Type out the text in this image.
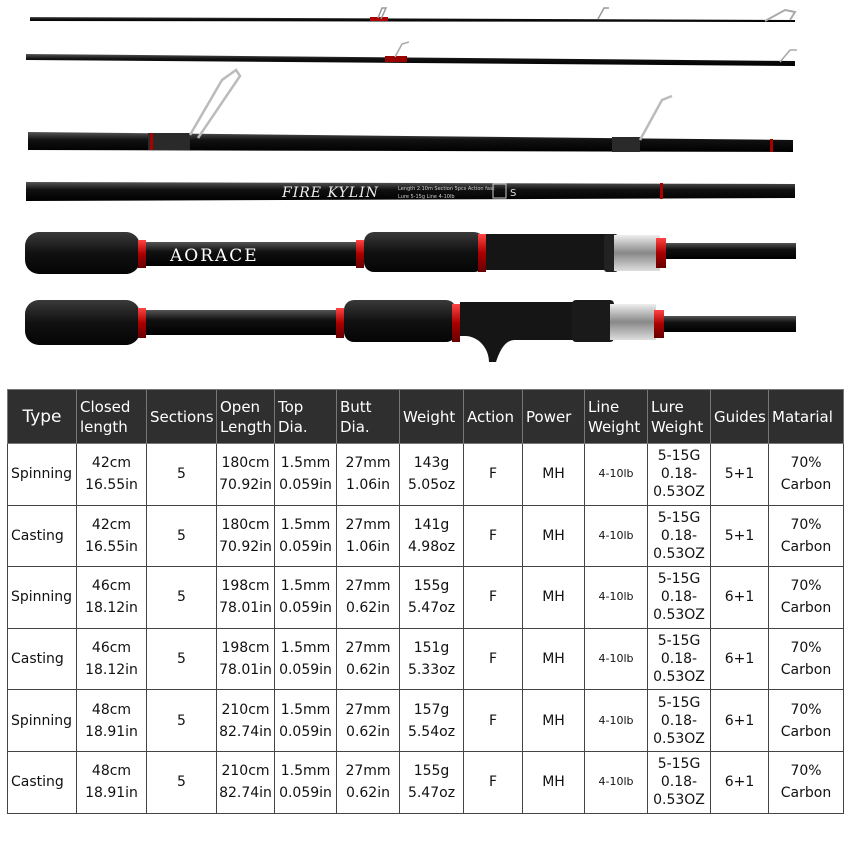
FIRE KYLIN	Length 2.10m Section 5pcs Action fast
Lure 5-15g Line 4-10lb	S
AORACE
Type	Closed length	Sections	Open Length	Top Dia.	Butt Dia.	Weight	Action	Power	Line Weight	Lure Weight	Guides	Matarial
Spinning	42cm
16.55in	5	180cm
70.92in	1.5mm
0.059in	27mm
1.06in	143g
5.05oz	F	MH	4-10lb	5-15G
0.18-
0.53OZ	5+1	70%
Carbon

Casting	42cm
16.55in	5	180cm
70.92in	1.5mm
0.059in	27mm
1.06in	141g
4.98oz	F	MH	4-10lb	5-15G
0.18-
0.53OZ	5+1	70%
Carbon

Spinning	46cm
18.12in	5	198cm
78.01in	1.5mm
0.059in	27mm
0.62in	155g
5.47oz	F	MH	4-10lb	5-15G
0.18-
0.53OZ	6+1	70%
Carbon

Casting	46cm
18.12in	5	198cm
78.01in	1.5mm
0.059in	27mm
0.62in	151g
5.33oz	F	MH	4-10lb	5-15G
0.18-
0.53OZ	6+1	70%
Carbon

Spinning	48cm
18.91in	5	210cm
82.74in	1.5mm
0.059in	27mm
0.62in	157g
5.54oz	F	MH	4-10lb	5-15G
0.18-
0.53OZ	6+1	70%
Carbon

Casting	48cm
18.91in	5	210cm
82.74in	1.5mm
0.059in	27mm
0.62in	155g
5.47oz	F	MH	4-10lb	5-15G
0.18-
0.53OZ	6+1	70%
Carbon
